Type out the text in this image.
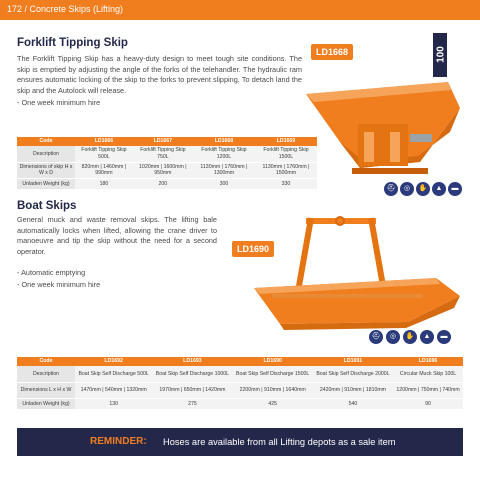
172 / Concrete Skips (Lifting)
Forklift Tipping Skip
The Forklift Tipping Skip has a heavy-duty design to meet tough site conditions. The skip is emptied by adjusting the angle of the forks of the telehandler. The hydraulic ram ensures automatic locking of the skip to the forks to prevent slipping. To detach land the skip and the Autolock will release.
- One week minimum hire
100
LD1668
⛑	◎	✋	▲	▬
Code	LD1666	LD1667	LD1668	LD1669
Description	Forklift Tipping Skip 500L	Forklift Tipping Skip 750L	Forklift Tipping Skip 1200L	Forklift Tipping Skip 1500L
Dimensions of skip H x W x D	820mm | 1460mm | 990mm	1020mm | 1600mm | 950mm	1130mm | 1760mm | 1300mm	1130mm | 1760mm | 1500mm
Unladen Weight (kg)	180	200	300	330
Boat Skips
General muck and waste removal skips. The lifting bale automatically locks when lifted, allowing the crane driver to manoeuvre and tip the skip without the need for a second operator.
- Automatic emptying
- One week minimum hire
LD1690
⛑	◎	✋	▲	▬
Code	LD1692	LD1693	LD1690	LD1691	LD1696
Description	Boat Skip Self Discharge 500L	Boat Skip Self Discharge 1000L	Boat Skip Self Discharge 1500L	Boat Skip Self Discharge 2000L	Circular Muck Skip 100L
Dimensions L x H x W	1470mm | 540mm | 1320mm	1970mm | 650mm | 1420mm	2200mm | 910mm | 1640mm	2420mm | 910mm | 1810mm	1200mm | 750mm | 740mm
Unladen Weight (kg)	130	275	425	540	90
REMINDER: Hoses are available from all Lifting depots as a sale item
